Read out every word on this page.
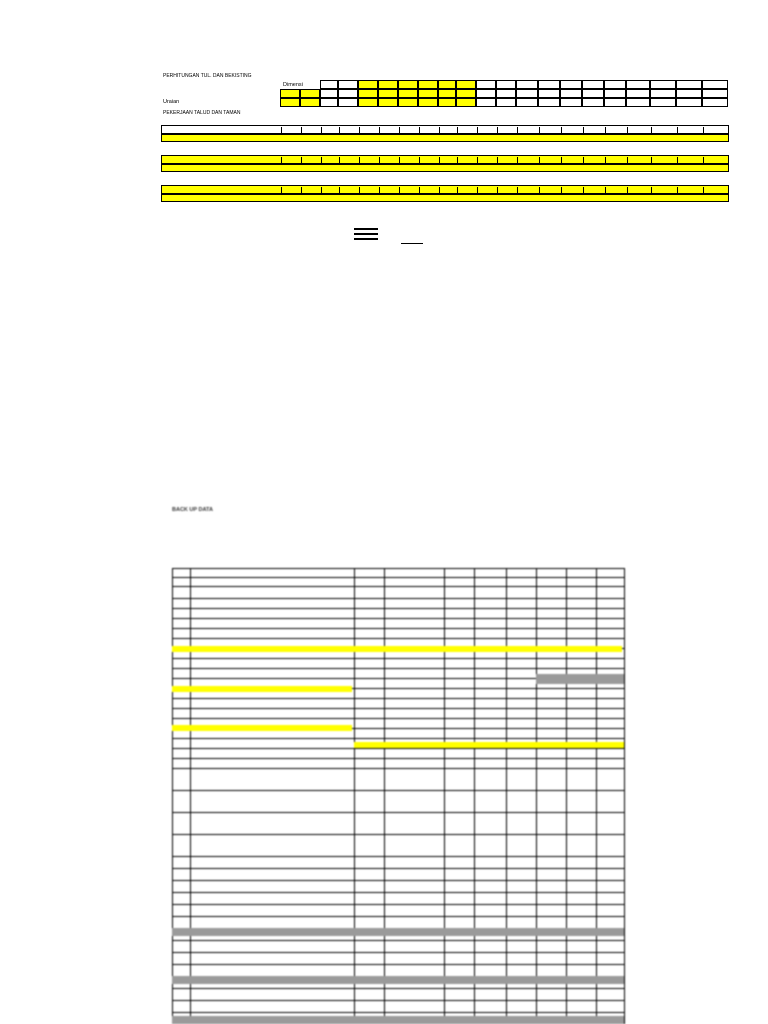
PERHITUNGAN TUL. DAN BEKISTING
Dimensi
Uraian
PEKERJAAN TALUD DAN TAMAN
BACK UP DATA
